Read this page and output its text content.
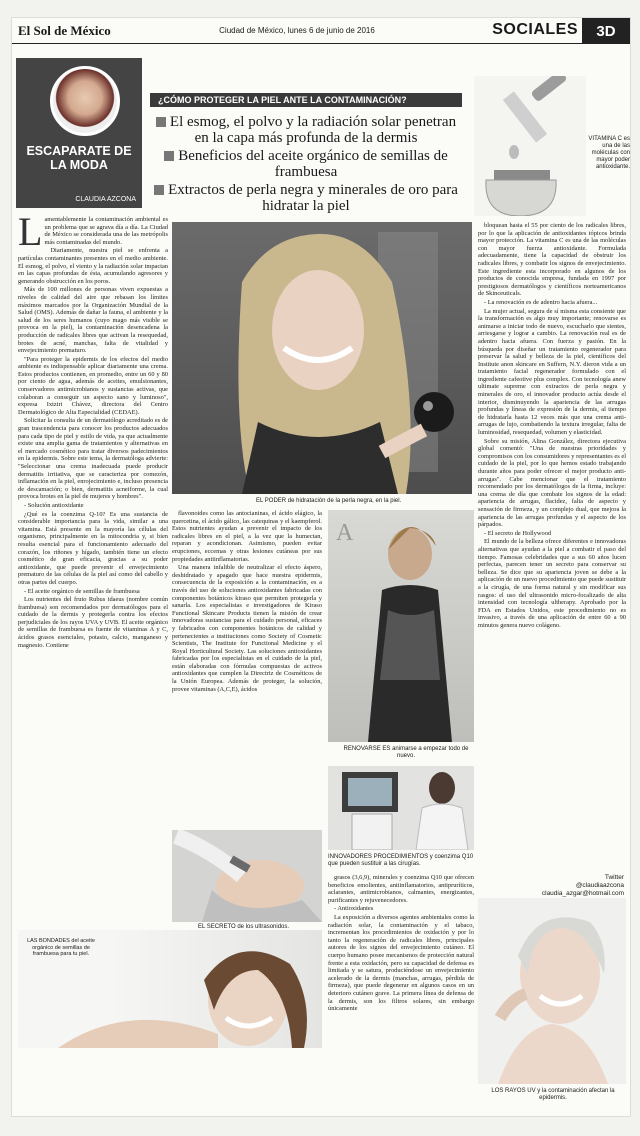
El Sol de México	Ciudad de México, lunes 6 de junio de 2016	SOCIALES	3D
ESCAPARATE DE LA MODA
CLAUDIA AZCONA
¿CÓMO PROTEGER LA PIEL ANTE LA CONTAMINACIÓN?

El esmog, el polvo y la radiación solar penetran en la capa más profunda de la dermis

Beneficios del aceite orgánico de semillas de frambuesa

Extractos de perla negra y minerales de oro para hidratar la piel

VITAMINA C es una de las moléculas con mayor poder antioxidante.
L amentablemente la contaminación ambiental es un problema que se agrava día a día. La Ciudad de México se considerada una de las metrópolis más contaminadas del mundo.

Diariamente, nuestra piel se enfrenta a partículas contaminantes presentes en el medio ambiente. El esmog, el polvo, el viento y la radiación solar impactan en las capas profundas de ésta, acumulando agresores y generando obstrucción en los poros.

Más de 100 millones de personas viven expuestas a niveles de calidad del aire que rebasan los límites máximos marcados por la Organización Mundial de la Salud (OMS). Además de dañar la fauna, el ambiente y la salud de los seres humanos (cuyo mago más visible se provoca en la piel), la contaminación desencadena la producción de radicales libres que activan la resequedad, brotes de acné, manchas, falta de vitalidad y envejecimiento prematuro.

"Para proteger la epidermis de los efectos del medio ambiente es indispensable aplicar diariamente una crema. Estos productos contienen, en promedio, entre un 60 y 80 por ciento de agua, además de aceites, emulsionantes, conservadores antimicrobianos y sustancias activas, que colaboran a conseguir un aspecto sano y luminoso", expresa Ixtziri Chávez, directora del Centro Dermatológico de Alta Especialidad (CEDAE).

Solicitar la consulta de un dermatólogo acreditado es de gran trascendencia para conocer los productos adecuados para cada tipo de piel y estilo de vida, ya que actualmente existe una amplia gama de tratamientos y alternativas en el mercado cosmético para tratar diversos padecimientos en la epidermis. Sobre este tema, la dermatóloga advierte: "Seleccionar una crema inadecuada puede producir dermatitis irritativa, que se caracteriza por comezón, inflamación en la piel, enrojecimiento e, incluso presencia de descamación; o bien, dermatitis acneiforme, la cual provoca brotes en la piel de mujeres y hombres".

- Solución antioxidante

¿Qué es la coenzima Q-10? Es una sustancia de considerable importancia para la vida, similar a una vitamina. Está presente en la mayoría las células del organismo, principalmente en la mitocondria y, si bien resulta esencial para el funcionamiento adecuado del corazón, los riñones y hígado, también tiene un efecto cosmético de gran eficacia, gracias a su poder antioxidante, que puede prevenir el envejecimiento prematuro de las células de la piel así como del cabello y otras partes del cuerpo.

- El aceite orgánico de semillas de frambuesa

Los nutrientes del fruto Rubus idaeus (nombre común frambuesa) son recomendados por dermatólogos para el cuidado de la dermis y protegerla contra los efectos perjudiciales de los rayos UVA y UVB. El aceite orgánico de semillas de frambuesa es fuente de vitaminas A y C, ácidos grasos esenciales, potasio, calcio, manganeso y magnesio. Contiene

EL PODER de hidratación de la perla negra, en la piel.

flavonoides como las antocianinas, el ácido elágico, la quercetina, el ácido gálico, las catequinas y el kaempferol. Estos nutrientes ayudan a prevenir el impacto de los radicales libres en el piel, a la vez que la humectan, reparan y acondicionan. Asimismo, pueden evitar erupciones, eccemas y otras lesiones cutáneas por sus propiedades antiinflamatorias.

Una manera infalible de neutralizar el efecto áspero, deshidratado y apagado que hace nuestra epidermis, consecuencia de la exposición a la contaminación, es a través del uso de soluciones antioxidantes fabricadas con componentes botánicos kiraso que permiten protegerla y sanarla. Los especialistas e investigadores de Kiraso Functional Skincare Products tienen la misión de crear innovadoras sustancias para el cuidado personal, eficaces y fabricados con componentes botánicos de calidad y pertenecientes a instituciones como Society of Cosmetic Scientists, The Institute for Functional Medicine y el Royal Horticultural Society. Las soluciones antioxidantes fabricadas por los especialistas en el cuidado de la piel, están elaboradas con fórmulas compuestas de activos antioxidantes que cumplen la Directriz de Cosméticos de la Unión Europea. Además de proteger, la solución, provee vitaminas (A,C,E), ácidos

A
RENOVARSE ES animarse a empezar todo de nuevo.
INNOVADORES PROCEDIMIENTOS y coenzima Q10 que pueden sustituir a las cirugías.
EL SECRETO de los ultrasonidos.

grasos (3,6,9), minerales y coenzima Q10 que ofrecen beneficios emolientes, antiinflamatorios, antipruríticos, aclarantes, antimicrobianos, calmantes, energizantes, purificantes y rejuvenecedores.

- Antioxidantes

La exposición a diversos agentes ambientales como la radiación solar, la contaminación y el tabaco, incrementan los procedimientos de oxidación y por lo tanto la regeneración de radicales libres, principales autores de los signos del envejecimiento cutáneo. El cuerpo humano posee mecanismos de protección natural frente a esta oxidación, pero su capacidad de defensa es limitada y se satura, produciéndose un envejecimiento acelerado de la dermis (manchas, arrugas, pérdida de firmeza), que puede degenerar en algunos casos en un deterioro cutáneo grave. La primera línea de defensa de la dermis, son los filtros solares, sin embargo únicamente

bloquean hasta el 55 por ciento de los radicales libres, por lo que la aplicación de antioxidantes tópicos brinda mayor protección. La vitamina C es una de las moléculas con mayor fuerza antioxidante. Formulada adecuadamente, tiene la capacidad de obstruir los radicales libres, y combatir los signos de envejecimiento. Este ingrediente esta incorporado en algunos de los productos de conocida empresa, fundada en 1997 por prestigiosos dermatólogos y científicos norteamericanos de Skinceuticals.

- La renovación es de adentro hacia afuera...

La mujer actual, segura de sí misma esta consiente que la transformación es algo muy importante; renovarse es animarse a iniciar todo de nuevo, escucharlo que sientes, arriesgarse y lograr a cambio. La renovación real es de adentro hacia afuera. Con fuerza y pasión. En la búsqueda por diseñar un tratamiento regenerador para preservar la salud y belleza de la piel, científicos del Institute anon skincare en Suffern, N.Y. dieron vida a un tratamiento facial regenerador formulado con el ingrediente cafeotive plus complex. Con tecnología anew ultimate supreme con extractos de perla negra y minerales de oro, el innovador producto actúa desde el interior, disminuyendo la apariencia de las arrugas profundas y líneas de expresión de la dermis, al tiempo de hidratarla hasta 12 veces más que una crema anti-arrugas de lujo, combatiendo la textura irregular, falta de luminosidad, resequedad, volumen y elasticidad.

Sobre su misión, Alina González, directora ejecutiva global comentó: "Una de nuestras prioridades y compromisos con los consumidores y representantes es el cuidado de la piel, por lo que hemos estado trabajando durante años para poder ofrecer el mejor producto anti-arrugas". Cabe mencionar que el tratamiento recomendado por los dermatólogos de la firma, incluye: una crema de día que combate los signos de la edad: apariencia de arrugas, flacidez, falta de aspecto y sensación de firmeza, y un complejo dual, que mejora la apariencia de las arrugas profundas y el aspecto de los párpados.

- El secreto de Hollywood

El mundo de la belleza ofrece diferentes e innovadoras alternativas que ayudan a la piel a combatir el paso del tiempo. Famosas celebridades que a sus 60 años lucen perfectas, parecen tener un secreto para conservar su belleza. Se dice que su apariencia joven se debe a la aplicación de un nuevo procedimiento que puede sustituir a la cirugía, de una forma natural y sin modificar sus rasgos: el uso del ultrasonido micro-focalizado de alta intensidad con tecnología ultherapy. Aprobado por la FDA en Estados Unidos, este procedimiento no es invasivo, a través de una aplicación de entre 60 a 90 minutos genera nuevo colágeno.

Twitter
@claudiaazcona
claudia_azgar@hotmail.com
LAS BONDADES del aceite orgánico de semillas de frambuesa para tu piel.
LOS RAYOS UV y la contaminación afectan la epidermis.
